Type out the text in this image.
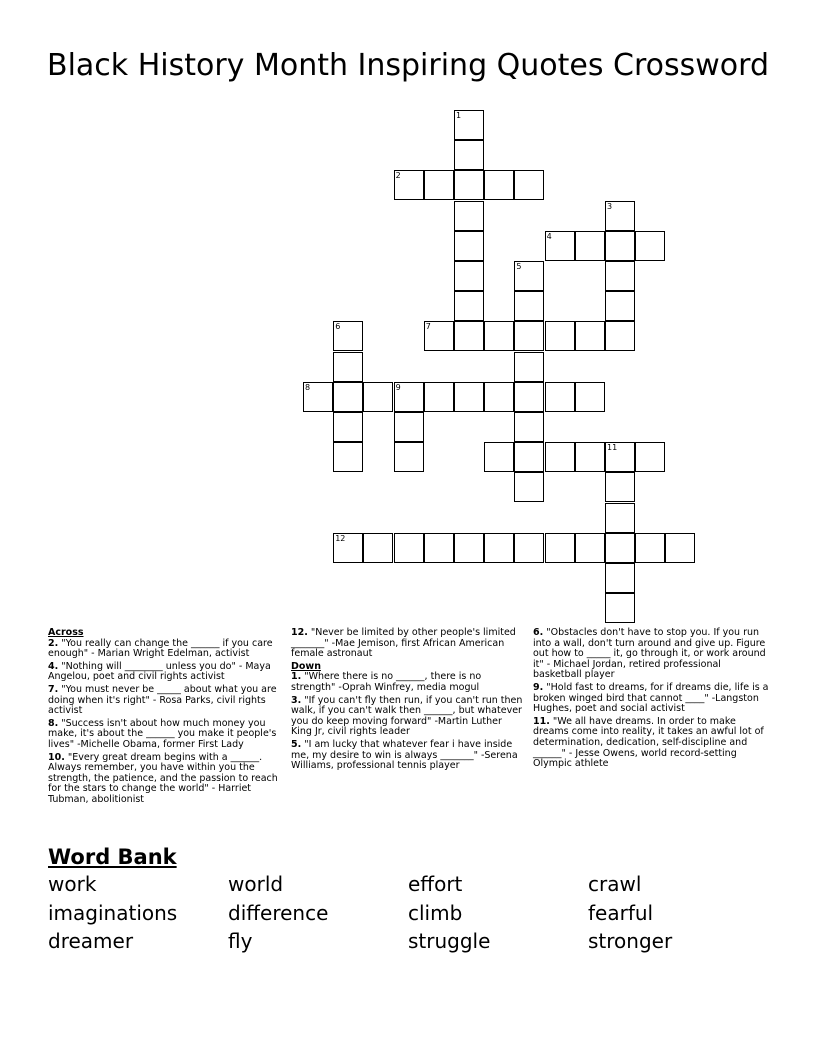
Black History Month Inspiring Quotes Crossword
1
2
3
4
5
7
6
8	9
11
12
Across
2. "You really can change the ______ if you care enough" - Marian Wright Edelman, activist
4. "Nothing will ________ unless you do" - Maya Angelou, poet and civil rights activist
7. "You must never be _____ about what you are doing when it's right" - Rosa Parks, civil rights activist
8. "Success isn't about how much money you make, it's about the ______ you make it people's lives" -Michelle Obama, former First Lady
10. "Every great dream begins with a ______. Always remember, you have within you the strength, the patience, and the passion to reach for the stars to change the world" - Harriet Tubman, abolitionist
12. "Never be limited by other people's limited _______" -Mae Jemison, first African American female astronaut
Down
1. "Where there is no ______, there is no strength" -Oprah Winfrey, media mogul
3. "If you can't fly then run, if you can't run then walk, if you can't walk then ______, but whatever you do keep moving forward" -Martin Luther King Jr, civil rights leader
5. "I am lucky that whatever fear i have inside me, my desire to win is always _______" -Serena Williams, professional tennis player
6. "Obstacles don't have to stop you. If you run into a wall, don't turn around and give up. Figure out how to _____ it, go through it, or work around it" - Michael Jordan, retired professional basketball player
9. "Hold fast to dreams, for if dreams die, life is a broken winged bird that cannot ____" -Langston Hughes, poet and social activist
11. "We all have dreams. In order to make dreams come into reality, it takes an awful lot of determination, dedication, self-discipline and ______" - Jesse Owens, world record-setting Olympic athlete
Word Bank
work	world	effort	crawl
imaginations	difference	climb	fearful
dreamer	fly	struggle	stronger
